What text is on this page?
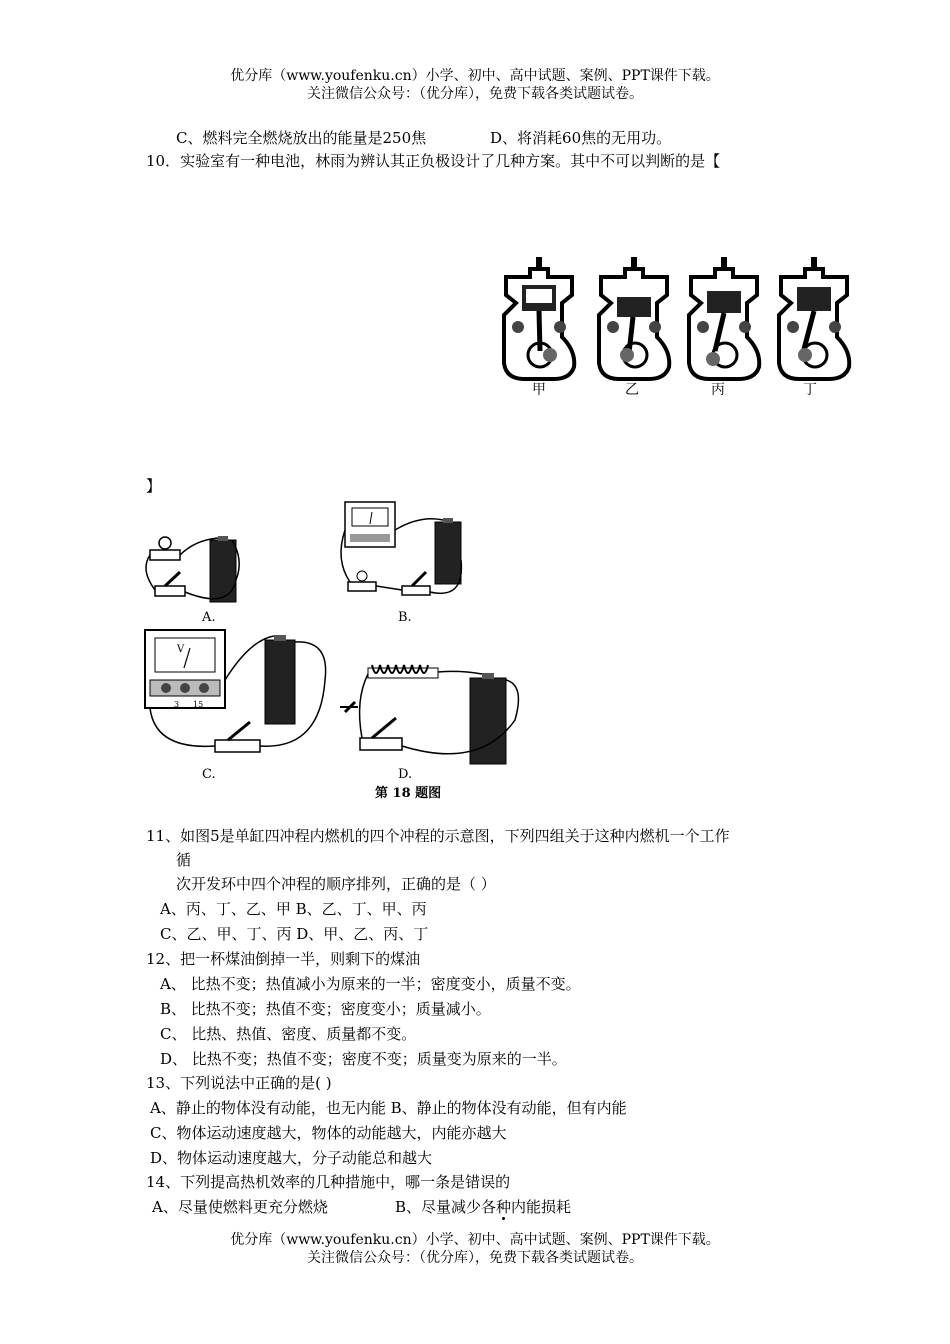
优分库（www.youfenku.cn）小学、初中、高中试题、案例、PPT课件下载。
关注微信公众号：（优分库），免费下载各类试题试卷。
C、燃料完全燃烧放出的能量是250焦	D、将消耗60焦的无用功。
10．实验室有一种电池，林雨为辨认其正负极设计了几种方案。其中不可以判断的是【
甲	乙	丙	丁
】
A.	B.
C.	D.
V
3 15
第 18 题图
11、如图5是单缸四冲程内燃机的四个冲程的示意图，下列四组关于这种内燃机一个工作
循
次开发环中四个冲程的顺序排列，正确的是（ ）
A、丙、丁、乙、甲 B、乙、丁、甲、丙
C、乙、甲、丁、丙 D、甲、乙、丙、丁
12、把一杯煤油倒掉一半，则剩下的煤油
A、 比热不变；热值减小为原来的一半；密度变小，质量不变。
B、 比热不变；热值不变；密度变小；质量减小。
C、 比热、热值、密度、质量都不变。
D、 比热不变；热值不变；密度不变；质量变为原来的一半。
13、下列说法中正确的是( )
A、静止的物体没有动能，也无内能 B、静止的物体没有动能，但有内能
C、物体运动速度越大，物体的动能越大，内能亦越大
D、物体运动速度越大，分子动能总和越大
14、下列提高热机效率的几种措施中，哪一条是错误的
A、尽量使燃料更充分燃烧	B、尽量减少各种内能损耗
优分库（www.youfenku.cn）小学、初中、高中试题、案例、PPT课件下载。
关注微信公众号：（优分库），免费下载各类试题试卷。
